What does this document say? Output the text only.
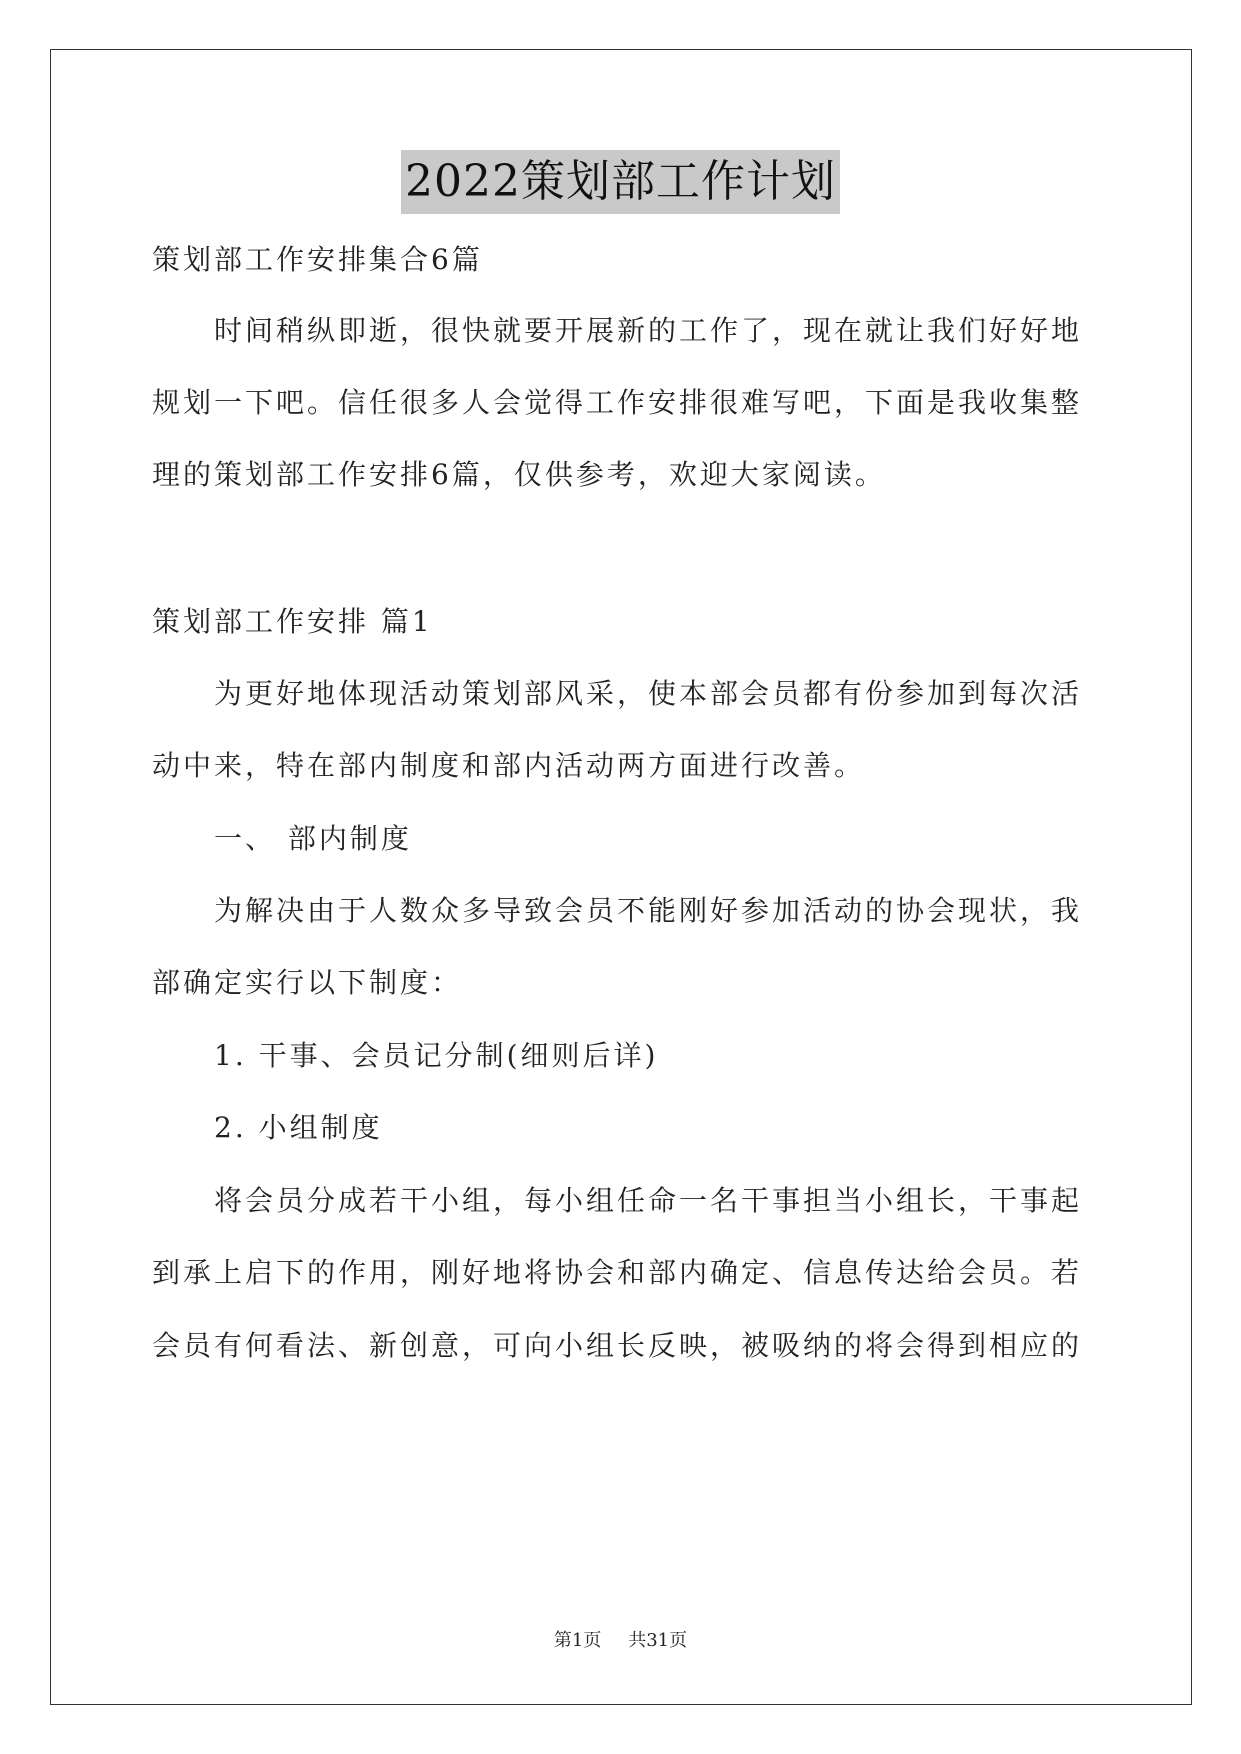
2022策划部工作计划
策划部工作安排集合6篇
时间稍纵即逝，很快就要开展新的工作了，现在就让我们好好地
规划一下吧。信任很多人会觉得工作安排很难写吧，下面是我收集整
理的策划部工作安排6篇，仅供参考，欢迎大家阅读。
策划部工作安排 篇1
为更好地体现活动策划部风采，使本部会员都有份参加到每次活
动中来，特在部内制度和部内活动两方面进行改善。
一、 部内制度
为解决由于人数众多导致会员不能刚好参加活动的协会现状，我
部确定实行以下制度：
1. 干事、会员记分制(细则后详)
2. 小组制度
将会员分成若干小组，每小组任命一名干事担当小组长，干事起
到承上启下的作用，刚好地将协会和部内确定、信息传达给会员。若
会员有何看法、新创意，可向小组长反映，被吸纳的将会得到相应的
第1页 共31页
